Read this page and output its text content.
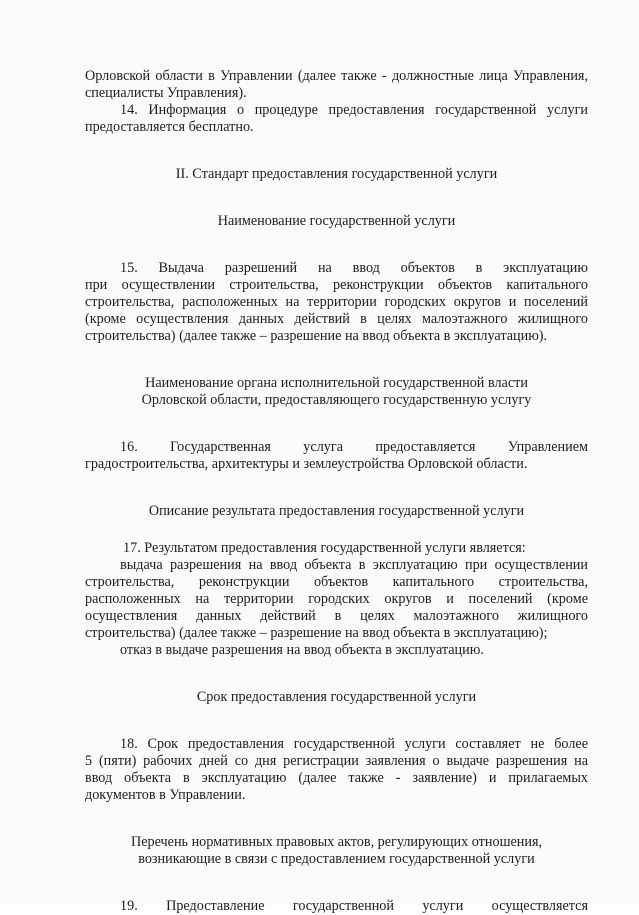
Орловской области в Управлении (далее также - должностные лица Управления,
специалисты Управления).

14. Информация о процедуре предоставления государственной услуги
предоставляется бесплатно.

II. Стандарт предоставления государственной услуги
Наименование государственной услуги

15. Выдача разрешений на ввод объектов в эксплуатацию
при осуществлении строительства, реконструкции объектов капитального
строительства, расположенных на территории городских округов и поселений
(кроме осуществления данных действий в целях малоэтажного жилищного
строительства) (далее также – разрешение на ввод объекта в эксплуатацию).

Наименование органа исполнительной государственной власти
Орловской области, предоставляющего государственную услугу

16. Государственная услуга предоставляется Управлением
градостроительства, архитектуры и землеустройства Орловской области.

Описание результата предоставления государственной услуги

17. Результатом предоставления государственной услуги является:
выдача разрешения на ввод объекта в эксплуатацию при осуществлении
строительства, реконструкции объектов капитального строительства,
расположенных на территории городских округов и поселений (кроме
осуществления данных действий в целях малоэтажного жилищного
строительства) (далее также – разрешение на ввод объекта в эксплуатацию);
отказ в выдаче разрешения на ввод объекта в эксплуатацию.

Срок предоставления государственной услуги

18. Срок предоставления государственной услуги составляет не более
5 (пяти) рабочих дней со дня регистрации заявления о выдаче разрешения на
ввод объекта в эксплуатацию (далее также - заявление) и прилагаемых
документов в Управлении.

Перечень нормативных правовых актов, регулирующих отношения,
возникающие в связи с предоставлением государственной услуги

19. Предоставление государственной услуги осуществляется
